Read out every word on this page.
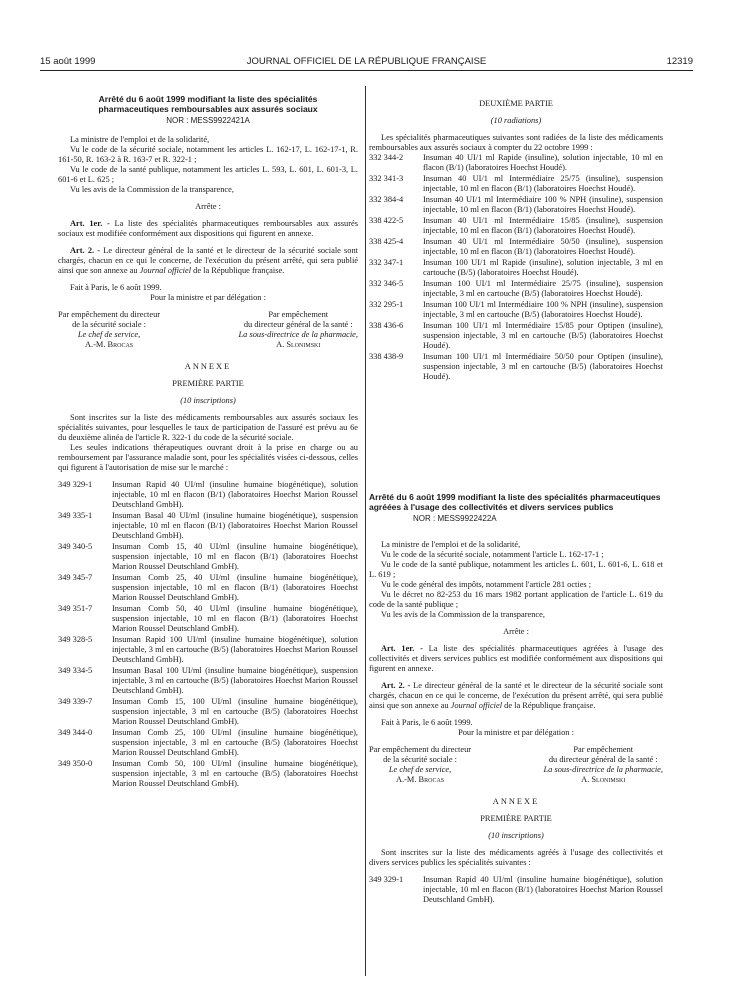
15 août 1999	JOURNAL OFFICIEL DE LA RÉPUBLIQUE FRANÇAISE	12319
Arrêté du 6 août 1999 modifiant la liste des spécialités
pharmaceutiques remboursables aux assurés sociaux
NOR : MESS9922421A

La ministre de l'emploi et de la solidarité,

Vu le code de la sécurité sociale, notamment les articles L. 162-17, L. 162-17-1, R. 161-50, R. 163-2 à R. 163-7 et R. 322-1 ;

Vu le code de la santé publique, notamment les articles L. 593, L. 601, L. 601-3, L. 601-6 et L. 625 ;

Vu les avis de la Commission de la transparence,

Arrête :

Art. 1er. - La liste des spécialités pharmaceutiques remboursables aux assurés sociaux est modifiée conformément aux dispositions qui figurent en annexe.

Art. 2. - Le directeur général de la santé et le directeur de la sécurité sociale sont chargés, chacun en ce qui le concerne, de l'exécution du présent arrêté, qui sera publié ainsi que son annexe au Journal officiel de la République française.

Fait à Paris, le 6 août 1999.

Pour la ministre et par délégation :

Par empêchement du directeur
de la sécurité sociale :
Le chef de service,
A.-M. Brocas
Par empêchement
du directeur général de la santé :
La sous-directrice de la pharmacie,
A. Slonimski

ANNEXE

PREMIÈRE PARTIE

(10 inscriptions)

Sont inscrites sur la liste des médicaments remboursables aux assurés sociaux les spécialités suivantes, pour lesquelles le taux de participation de l'assuré est prévu au 6e du deuxième alinéa de l'article R. 322-1 du code de la sécurité sociale.

Les seules indications thérapeutiques ouvrant droit à la prise en charge ou au remboursement par l'assurance maladie sont, pour les spécialités visées ci-dessous, celles qui figurent à l'autorisation de mise sur le marché :

349 329-1	Insuman Rapid 40 UI/ml (insuline humaine biogénétique), solution injectable, 10 ml en flacon (B/1) (laboratoires Hoechst Marion Roussel Deutschland GmbH).
349 335-1	Insuman Basal 40 UI/ml (insuline humaine biogénétique), suspension injectable, 10 ml en flacon (B/1) (laboratoires Hoechst Marion Roussel Deutschland GmbH).
349 340-5	Insuman Comb 15, 40 UI/ml (insuline humaine biogénétique), suspension injectable, 10 ml en flacon (B/1) (laboratoires Hoechst Marion Roussel Deutschland GmbH).
349 345-7	Insuman Comb 25, 40 UI/ml (insuline humaine biogénétique), suspension injectable, 10 ml en flacon (B/1) (laboratoires Hoechst Marion Roussel Deutschland GmbH).
349 351-7	Insuman Comb 50, 40 UI/ml (insuline humaine biogénétique), suspension injectable, 10 ml en flacon (B/1) (laboratoires Hoechst Marion Roussel Deutschland GmbH).
349 328-5	Insuman Rapid 100 UI/ml (insuline humaine biogénétique), solution injectable, 3 ml en cartouche (B/5) (laboratoires Hoechst Marion Roussel Deutschland GmbH).
349 334-5	Insuman Basal 100 UI/ml (insuline humaine biogénétique), suspension injectable, 3 ml en cartouche (B/5) (laboratoires Hoechst Marion Roussel Deutschland GmbH).
349 339-7	Insuman Comb 15, 100 UI/ml (insuline humaine biogénétique), suspension injectable, 3 ml en cartouche (B/5) (laboratoires Hoechst Marion Roussel Deutschland GmbH).
349 344-0	Insuman Comb 25, 100 UI/ml (insuline humaine biogénétique), suspension injectable, 3 ml en cartouche (B/5) (laboratoires Hoechst Marion Roussel Deutschland GmbH).
349 350-0	Insuman Comb 50, 100 UI/ml (insuline humaine biogénétique), suspension injectable, 3 ml en cartouche (B/5) (laboratoires Hoechst Marion Roussel Deutschland GmbH).

DEUXIÈME PARTIE

(10 radiations)

Les spécialités pharmaceutiques suivantes sont radiées de la liste des médicaments remboursables aux assurés sociaux à compter du 22 octobre 1999 :

332 344-2	Insuman 40 UI/1 ml Rapide (insuline), solution injectable, 10 ml en flacon (B/1) (laboratoires Hoechst Houdé).
332 341-3	Insuman 40 UI/1 ml Intermédiaire 25/75 (insuline), suspension injectable, 10 ml en flacon (B/1) (laboratoires Hoechst Houdé).
332 384-4	Insuman 40 UI/1 ml Intermédiaire 100 % NPH (insuline), suspension injectable, 10 ml en flacon (B/1) (laboratoires Hoechst Houdé).
338 422-5	Insuman 40 UI/1 ml Intermédiaire 15/85 (insuline), suspension injectable, 10 ml en flacon (B/1) (laboratoires Hoechst Houdé).
338 425-4	Insuman 40 UI/1 ml Intermédiaire 50/50 (insuline), suspension injectable, 10 ml en flacon (B/1) (laboratoires Hoechst Houdé).
332 347-1	Insuman 100 UI/1 ml Rapide (insuline), solution injectable, 3 ml en cartouche (B/5) (laboratoires Hoechst Houdé).
332 346-5	Insuman 100 UI/1 ml Intermédiaire 25/75 (insuline), suspension injectable, 3 ml en cartouche (B/5) (laboratoires Hoechst Houdé).
332 295-1	Insuman 100 UI/1 ml Intermédiaire 100 % NPH (insuline), suspension injectable, 3 ml en cartouche (B/5) (laboratoires Hoechst Houdé).
338 436-6	Insuman 100 UI/1 ml Intermédiaire 15/85 pour Optipen (insuline), suspension injectable, 3 ml en cartouche (B/5) (laboratoires Hoechst Houdé).
338 438-9	Insuman 100 UI/1 ml Intermédiaire 50/50 pour Optipen (insuline), suspension injectable, 3 ml en cartouche (B/5) (laboratoires Hoechst Houdé).
Arrêté du 6 août 1999 modifiant la liste des spécialités pharmaceutiques agréées à l'usage des collectivités et divers services publics
NOR : MESS9922422A

La ministre de l'emploi et de la solidarité,

Vu le code de la sécurité sociale, notamment l'article L. 162-17-1 ;

Vu le code de la santé publique, notamment les articles L. 601, L. 601-6, L. 618 et L. 619 ;

Vu le code général des impôts, notamment l'article 281 octies ;

Vu le décret no 82-253 du 16 mars 1982 portant application de l'article L. 619 du code de la santé publique ;

Vu les avis de la Commission de la transparence,

Arrête :

Art. 1er. - La liste des spécialités pharmaceutiques agréées à l'usage des collectivités et divers services publics est modifiée conformément aux dispositions qui figurent en annexe.

Art. 2. - Le directeur général de la santé et le directeur de la sécurité sociale sont chargés, chacun en ce qui le concerne, de l'exécution du présent arrêté, qui sera publié ainsi que son annexe au Journal officiel de la République française.

Fait à Paris, le 6 août 1999.

Pour la ministre et par délégation :

Par empêchement du directeur
de la sécurité sociale :
Le chef de service,
A.-M. Brocas
Par empêchement
du directeur général de la santé :
La sous-directrice de la pharmacie,
A. Slonimski

ANNEXE

PREMIÈRE PARTIE

(10 inscriptions)

Sont inscrites sur la liste des médicaments agréés à l'usage des collectivités et divers services publics les spécialités suivantes :

349 329-1	Insuman Rapid 40 UI/ml (insuline humaine biogénétique), solution injectable, 10 ml en flacon (B/1) (laboratoires Hoechst Marion Roussel Deutschland GmbH).
